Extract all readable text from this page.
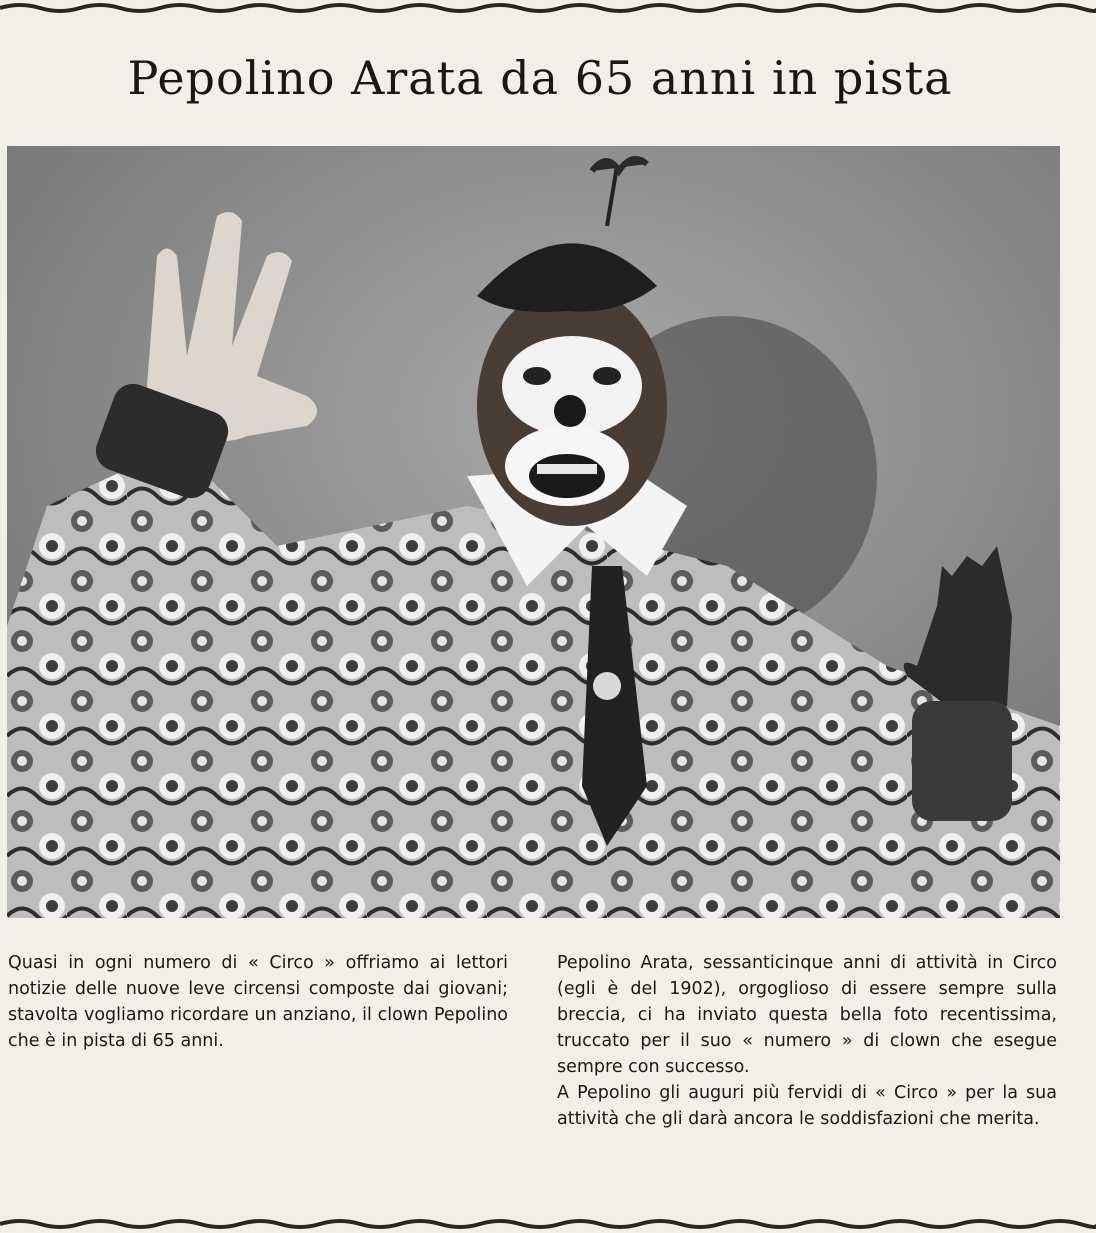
Pepolino Arata da 65 anni in pista

Quasi in ogni numero di « Circo » offriamo ai lettori notizie delle nuove leve circensi composte dai giovani; stavolta vogliamo ricordare un anziano, il clown Pepolino che è in pista di 65 anni.

Pepolino Arata, sessanticinque anni di attività in Circo (egli è del 1902), orgoglioso di essere sempre sulla breccia, ci ha inviato questa bella foto recentissima, truccato per il suo « numero » di clown che esegue sempre con successo.
A Pepolino gli auguri più fervidi di « Circo » per la sua attività che gli darà ancora le soddisfazioni che merita.
